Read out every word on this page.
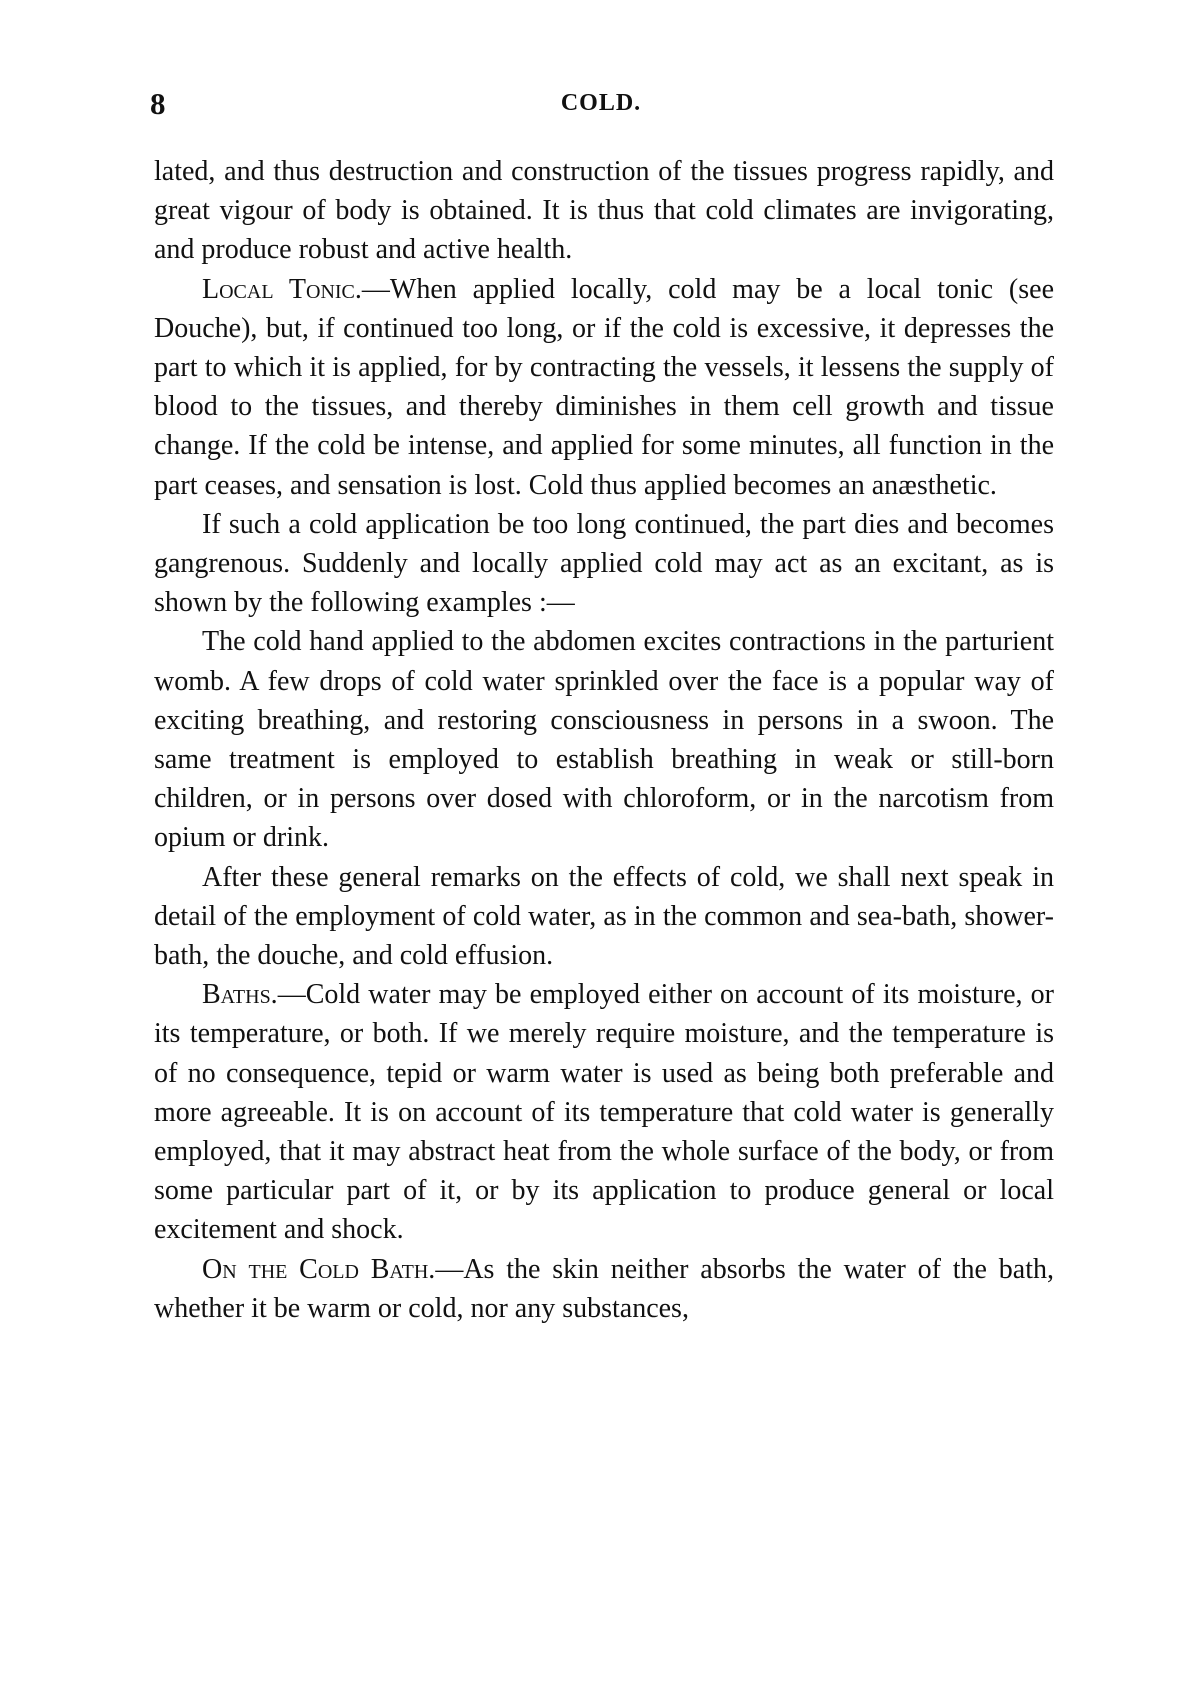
8	COLD.

lated, and thus destruction and construction of the tissues progress rapidly, and great vigour of body is obtained. It is thus that cold climates are invigorating, and produce robust and active health.

Local Tonic.—When applied locally, cold may be a local tonic (see Douche), but, if continued too long, or if the cold is excessive, it depresses the part to which it is applied, for by contracting the vessels, it lessens the supply of blood to the tissues, and thereby diminishes in them cell growth and tissue change. If the cold be intense, and applied for some minutes, all function in the part ceases, and sensation is lost. Cold thus applied becomes an anæsthetic.

If such a cold application be too long continued, the part dies and becomes gangrenous. Suddenly and locally applied cold may act as an excitant, as is shown by the following examples :—

The cold hand applied to the abdomen excites contractions in the parturient womb. A few drops of cold water sprinkled over the face is a popular way of exciting breathing, and restoring consciousness in persons in a swoon. The same treatment is employed to establish breathing in weak or still-born children, or in persons over dosed with chloroform, or in the narcotism from opium or drink.

After these general remarks on the effects of cold, we shall next speak in detail of the employment of cold water, as in the common and sea-bath, shower-bath, the douche, and cold effusion.

Baths.—Cold water may be employed either on account of its moisture, or its temperature, or both. If we merely require moisture, and the temperature is of no consequence, tepid or warm water is used as being both preferable and more agreeable. It is on account of its temperature that cold water is generally employed, that it may abstract heat from the whole surface of the body, or from some particular part of it, or by its application to produce general or local excitement and shock.

On the Cold Bath.—As the skin neither absorbs the water of the bath, whether it be warm or cold, nor any substances,
